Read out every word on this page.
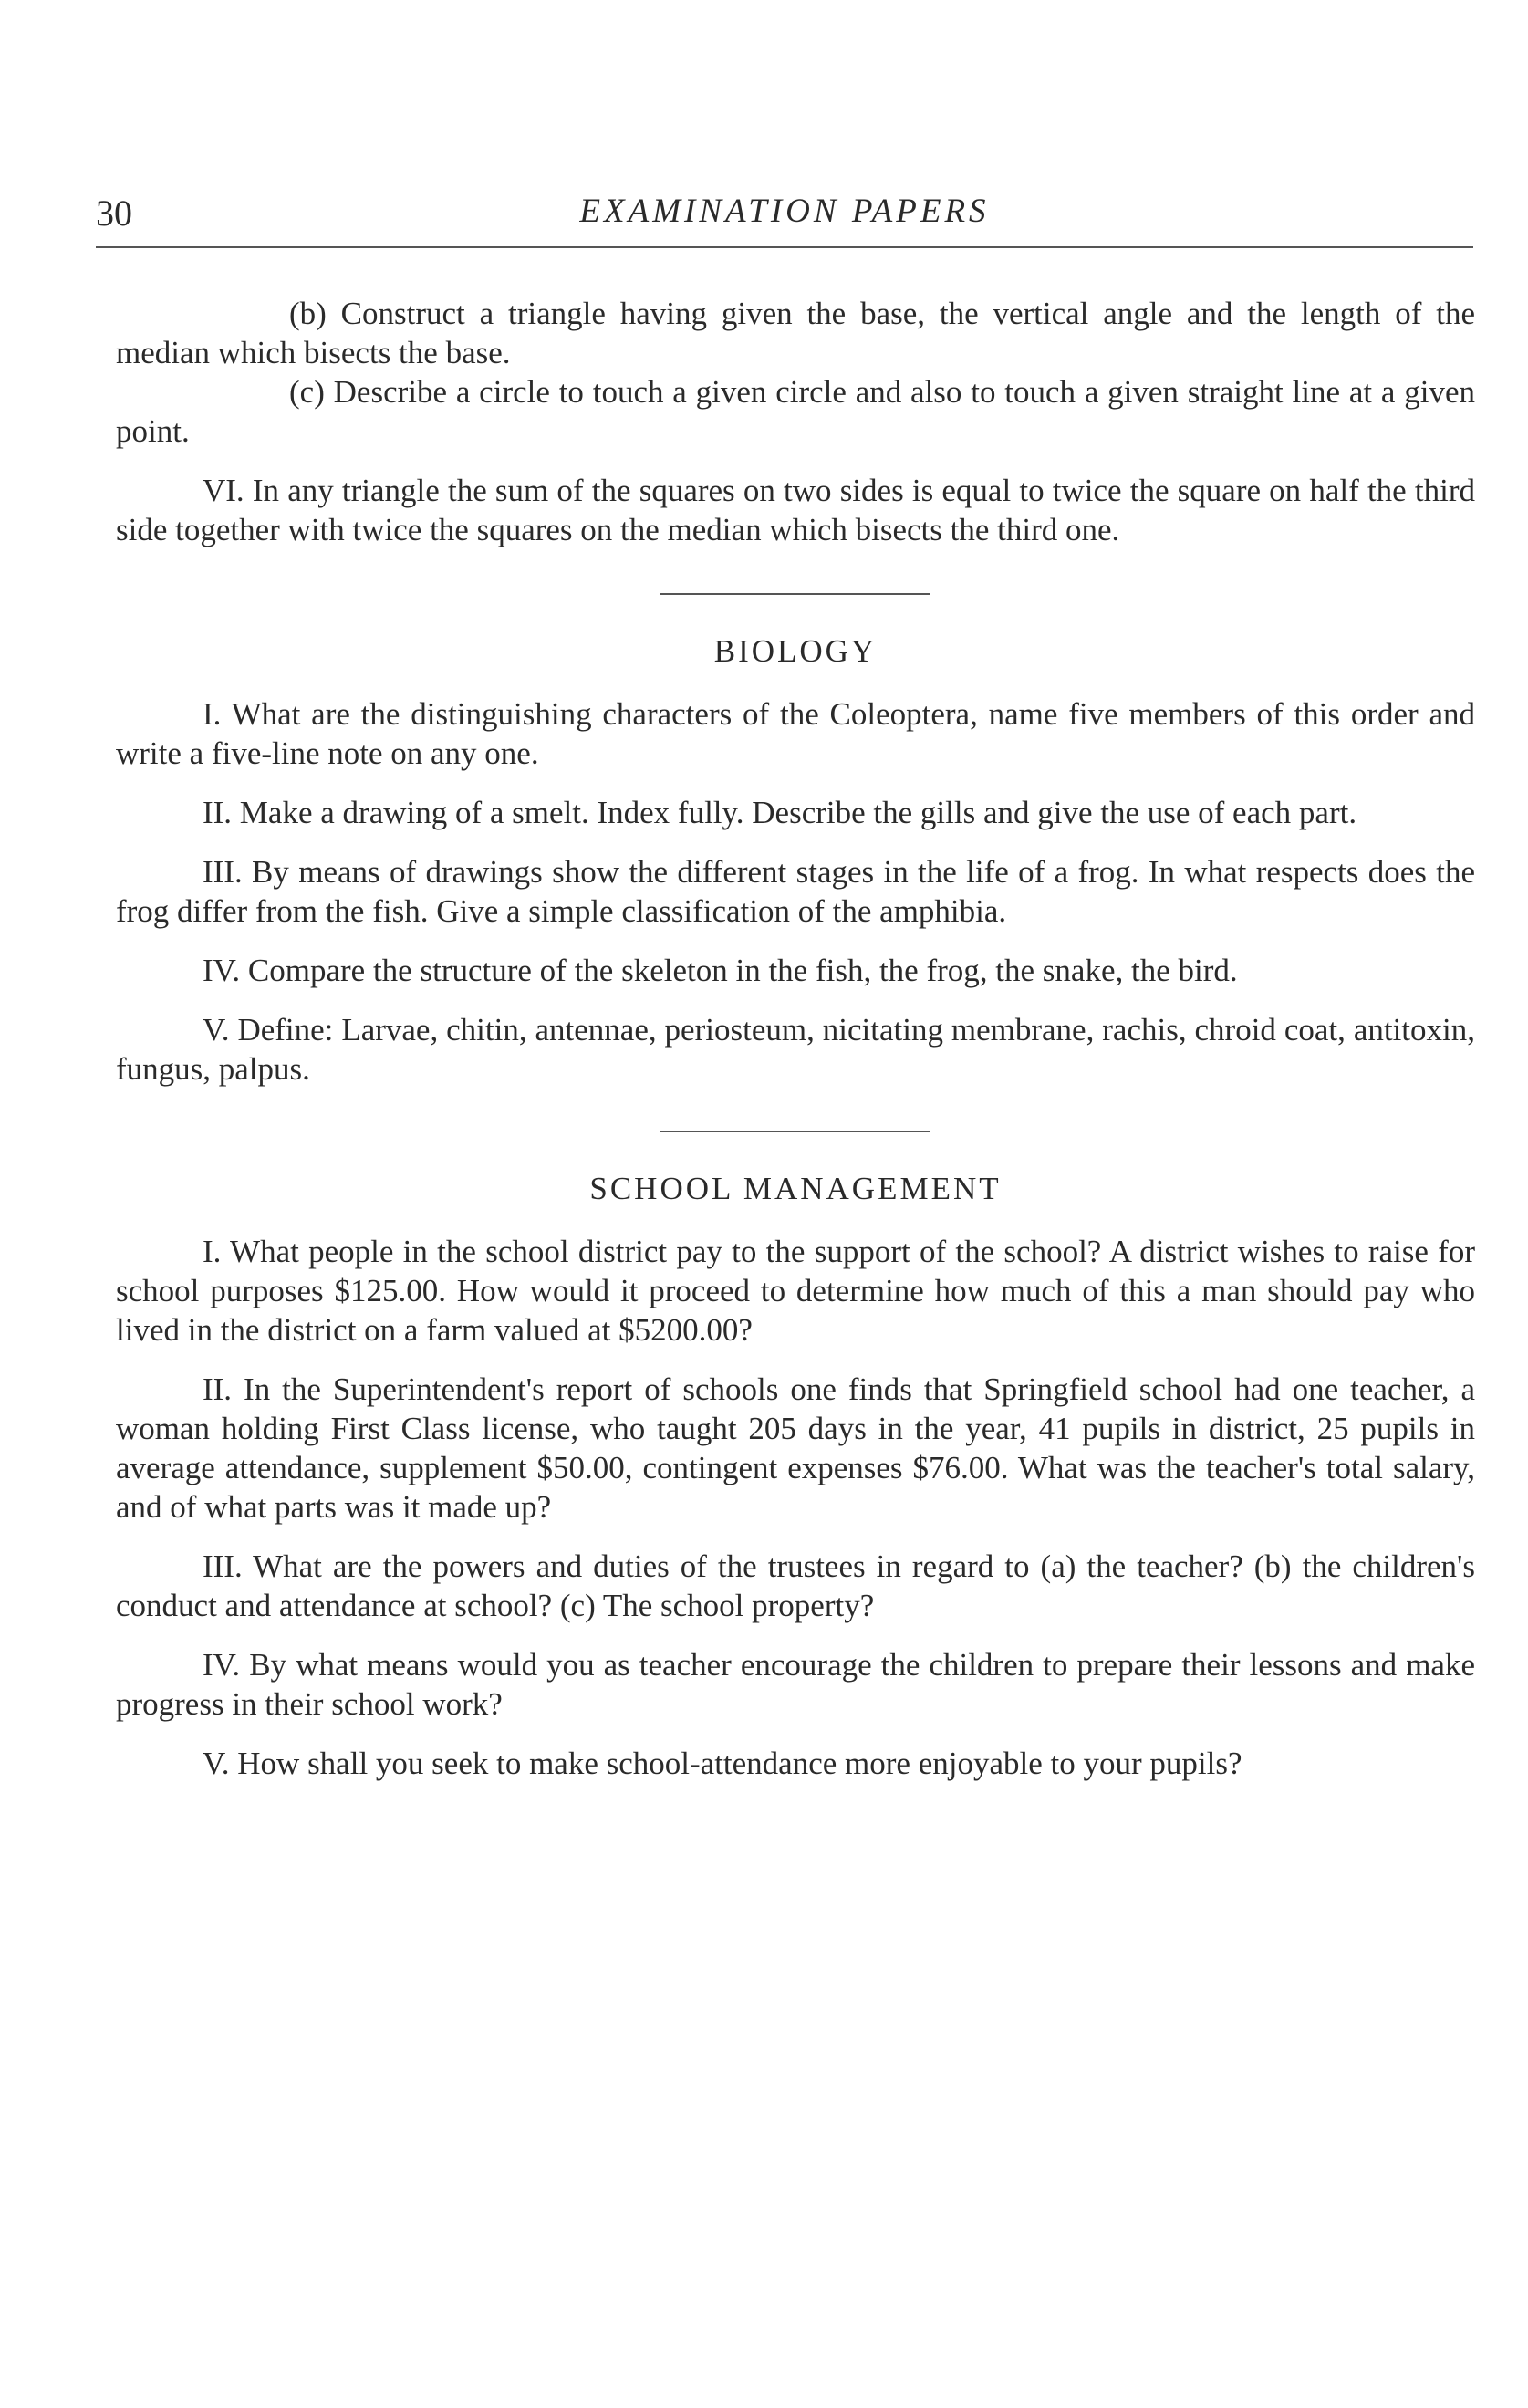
30	EXAMINATION PAPERS

(b) Construct a triangle having given the base, the vertical angle and the length of the median which bisects the base.

(c) Describe a circle to touch a given circle and also to touch a given straight line at a given point.

VI. In any triangle the sum of the squares on two sides is equal to twice the square on half the third side together with twice the squares on the median which bisects the third one.

BIOLOGY

I. What are the distinguishing characters of the Coleoptera, name five members of this order and write a five-line note on any one.

II. Make a drawing of a smelt. Index fully. Describe the gills and give the use of each part.

III. By means of drawings show the different stages in the life of a frog. In what respects does the frog differ from the fish. Give a simple classification of the amphibia.

IV. Compare the structure of the skeleton in the fish, the frog, the snake, the bird.

V. Define: Larvae, chitin, antennae, periosteum, nicitating membrane, rachis, chroid coat, antitoxin, fungus, palpus.

SCHOOL MANAGEMENT

I. What people in the school district pay to the support of the school? A district wishes to raise for school purposes $125.00. How would it proceed to determine how much of this a man should pay who lived in the district on a farm valued at $5200.00?

II. In the Superintendent's report of schools one finds that Springfield school had one teacher, a woman holding First Class license, who taught 205 days in the year, 41 pupils in district, 25 pupils in average attendance, supplement $50.00, contingent expenses $76.00. What was the teacher's total salary, and of what parts was it made up?

III. What are the powers and duties of the trustees in regard to (a) the teacher? (b) the children's conduct and attendance at school? (c) The school property?

IV. By what means would you as teacher encourage the children to prepare their lessons and make progress in their school work?

V. How shall you seek to make school-attendance more enjoyable to your pupils?
